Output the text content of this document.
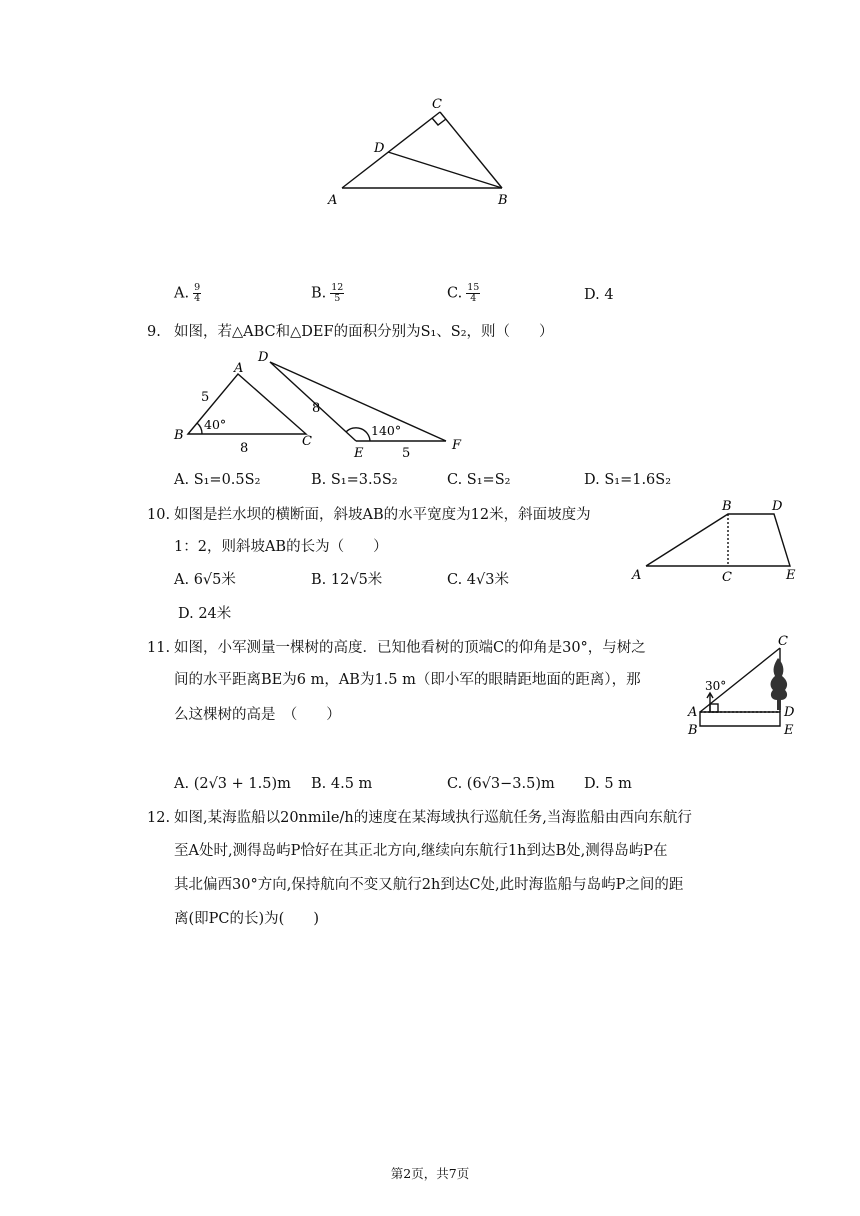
C
D
A	B
A. $\frac{9}{4}$	B. $\frac{12}{5}$	C. $\frac{15}{4}$	D. 4
9. 如图，若△ABC和△DEF的面积分别为S₁、S₂，则（　　）
A
B	C
5
8
40°
D
E
F
8
5
140°
A. S₁=0.5S₂	B. S₁=3.5S₂	C. S₁=S₂	D. S₁=1.6S₂
10. 如图是拦水坝的横断面，斜坡AB的水平宽度为12米，斜面坡度为
1：2，则斜坡AB的长为（　　）
B	D
A	C	E
A. 6√5米	B. 12√5米	C. 4√3米
D. 24米
11. 如图，小军测量一棵树的高度．已知他看树的顶端C的仰角是30°，与树之
间的水平距离BE为6 m，AB为1.5 m（即小军的眼睛距地面的距离），那
么这棵树的高是　（　　）
C
30°
A
B
D
E
A. (2√3 + 1.5)m B. 4.5 m	C. (6√3−3.5)m D. 5 m
12. 如图,某海监船以20nmile/h的速度在某海域执行巡航任务,当海监船由西向东航行
至A处时,测得岛屿P恰好在其正北方向,继续向东航行1h到达B处,测得岛屿P在
其北偏西30°方向,保持航向不变又航行2h到达C处,此时海监船与岛屿P之间的距
离(即PC的长)为(　　)
第2页，共7页
